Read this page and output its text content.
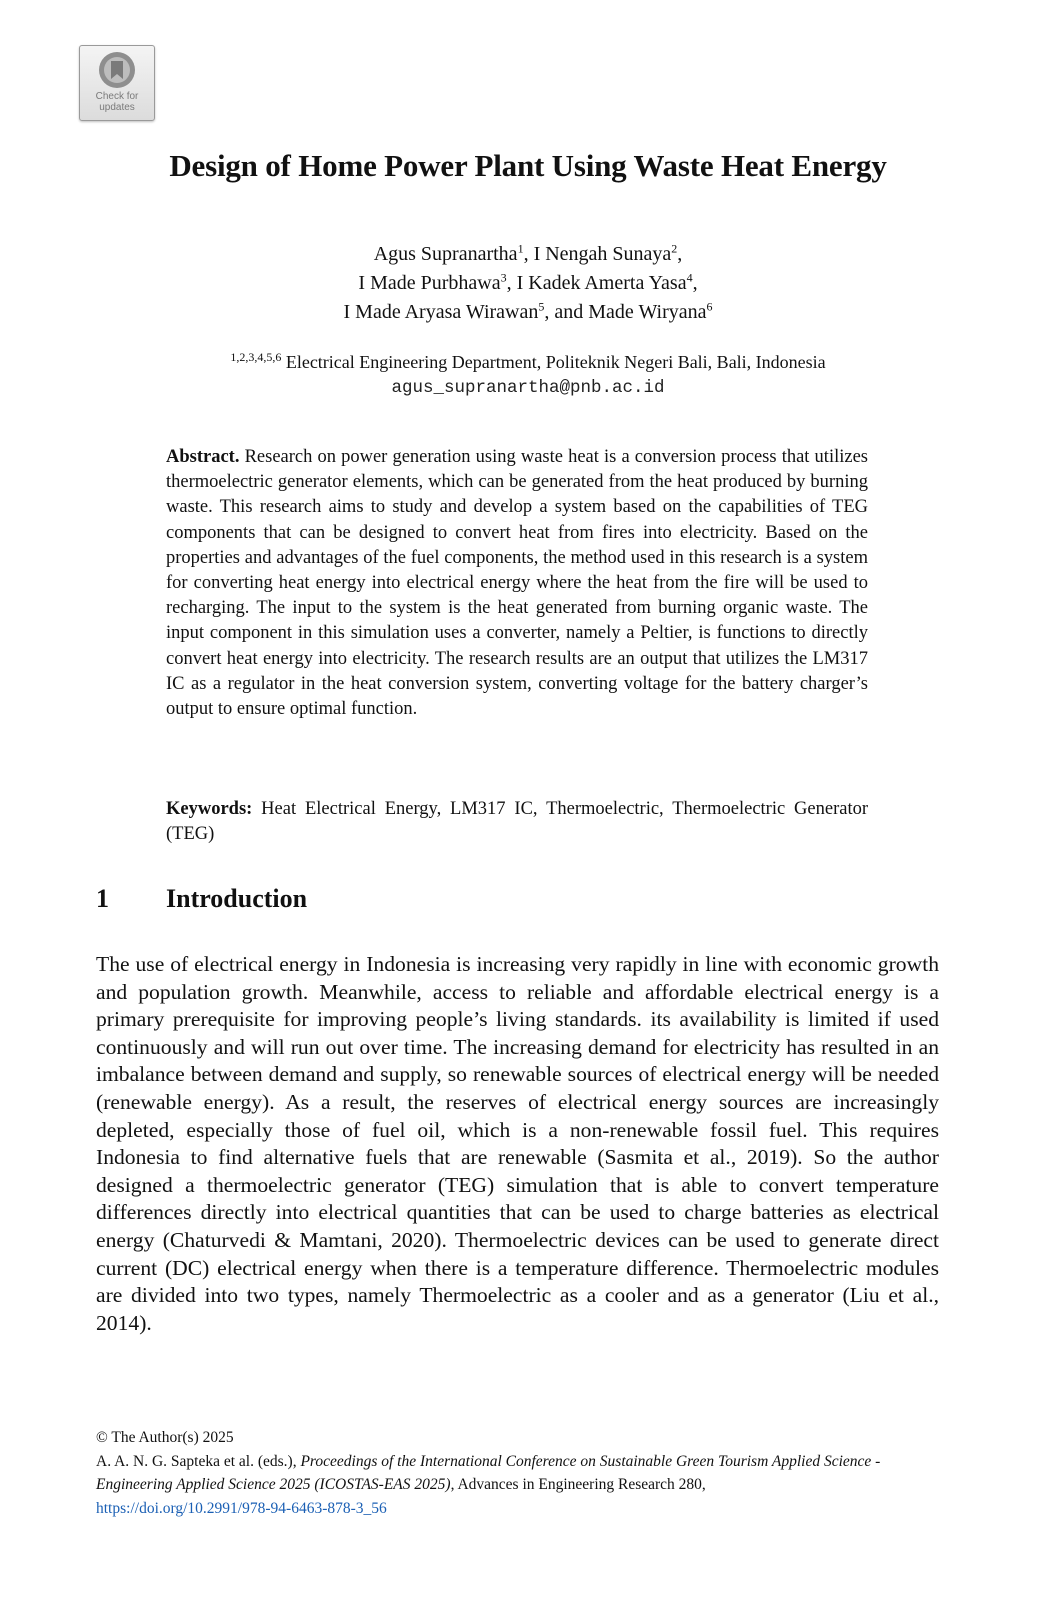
Check for
updates
Design of Home Power Plant Using Waste Heat Energy
Agus Supranartha$^1$, I Nengah Sunaya$^2$,
I Made Purbhawa$^3$, I Kadek Amerta Yasa$^4$,
I Made Aryasa Wirawan$^5$, and Made Wiryana$^6$
$^{1,2,3,4,5,6}$ Electrical Engineering Department, Politeknik Negeri Bali, Bali, Indonesia
agus_supranartha@pnb.ac.id
Abstract. Research on power generation using waste heat is a conversion process that utilizes thermoelectric generator elements, which can be generated from the heat produced by burning waste. This research aims to study and develop a system based on the capabilities of TEG components that can be designed to convert heat from fires into electricity. Based on the properties and advantages of the fuel components, the method used in this research is a system for converting heat energy into electrical energy where the heat from the fire will be used to recharging. The input to the system is the heat generated from burning organic waste. The input component in this simulation uses a converter, namely a Peltier, is functions to directly convert heat energy into electricity. The research results are an output that utilizes the LM317 IC as a regulator in the heat conversion system, converting voltage for the battery charger’s output to ensure optimal function.
Keywords: Heat Electrical Energy, LM317 IC, Thermoelectric, Thermoelectric Generator (TEG)
1 Introduction
The use of electrical energy in Indonesia is increasing very rapidly in line with economic growth and population growth. Meanwhile, access to reliable and affordable electrical energy is a primary prerequisite for improving people’s living standards. its availability is limited if used continuously and will run out over time. The increasing demand for electricity has resulted in an imbalance between demand and supply, so renewable sources of electrical energy will be needed (renewable energy). As a result, the reserves of electrical energy sources are increasingly depleted, especially those of fuel oil, which is a non-renewable fossil fuel. This requires Indonesia to find alternative fuels that are renewable (Sasmita et al., 2019). So the author designed a thermoelectric generator (TEG) simulation that is able to convert temperature differences directly into electrical quantities that can be used to charge batteries as electrical energy (Chaturvedi & Mamtani, 2020). Thermoelectric devices can be used to generate direct current (DC) electrical energy when there is a temperature difference. Thermoelectric modules are divided into two types, namely Thermoelectric as a cooler and as a generator (Liu et al., 2014).
© The Author(s) 2025
A. A. N. G. Sapteka et al. (eds.), Proceedings of the International Conference on Sustainable Green Tourism Applied Science - Engineering Applied Science 2025 (ICOSTAS-EAS 2025), Advances in Engineering Research 280,
https://doi.org/10.2991/978-94-6463-878-3_56
